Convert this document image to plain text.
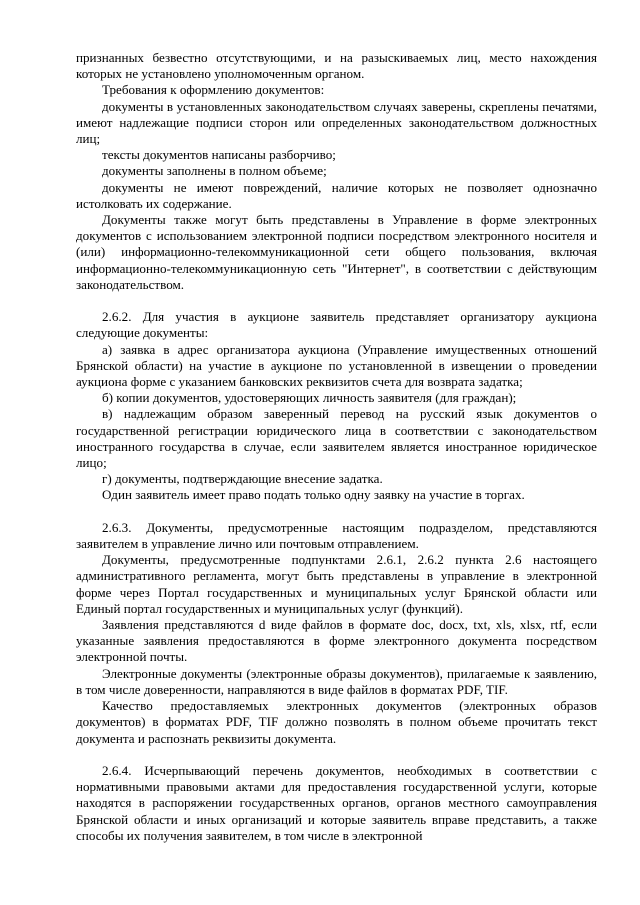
признанных безвестно отсутствующими, и на разыскиваемых лиц, место нахождения которых не установлено уполномоченным органом.

Требования к оформлению документов:

документы в установленных законодательством случаях заверены, скреплены печатями, имеют надлежащие подписи сторон или определенных законодательством должностных лиц;

тексты документов написаны разборчиво;

документы заполнены в полном объеме;

документы не имеют повреждений, наличие которых не позволяет однозначно истолковать их содержание.

Документы также могут быть представлены в Управление в форме электронных документов с использованием электронной подписи посредством электронного носителя и (или) информационно-телекоммуникационной сети общего пользования, включая информационно-телекоммуникационную сеть "Интернет", в соответствии с действующим законодательством.

2.6.2. Для участия в аукционе заявитель представляет организатору аукциона следующие документы:

а) заявка в адрес организатора аукциона (Управление имущественных отношений Брянской области) на участие в аукционе по установленной в извещении о проведении аукциона форме с указанием банковских реквизитов счета для возврата задатка;

б) копии документов, удостоверяющих личность заявителя (для граждан);

в) надлежащим образом заверенный перевод на русский язык документов о государственной регистрации юридического лица в соответствии с законодательством иностранного государства в случае, если заявителем является иностранное юридическое лицо;

г) документы, подтверждающие внесение задатка.

Один заявитель имеет право подать только одну заявку на участие в торгах.

2.6.3. Документы, предусмотренные настоящим подразделом, представляются заявителем в управление лично или почтовым отправлением.

Документы, предусмотренные подпунктами 2.6.1, 2.6.2 пункта 2.6 настоящего административного регламента, могут быть представлены в управление в электронной форме через Портал государственных и муниципальных услуг Брянской области или Единый портал государственных и муниципальных услуг (функций).

Заявления представляются d виде файлов в формате doc, docx, txt, xls, xlsx, rtf, если указанные заявления предоставляются в форме электронного документа посредством электронной почты.

Электронные документы (электронные образы документов), прилагаемые к заявлению, в том числе доверенности, направляются в виде файлов в форматах PDF, TIF.

Качество предоставляемых электронных документов (электронных образов документов) в форматах PDF, TIF должно позволять в полном объеме прочитать текст документа и распознать реквизиты документа.

2.6.4. Исчерпывающий перечень документов, необходимых в соответствии с нормативными правовыми актами для предоставления государственной услуги, которые находятся в распоряжении государственных органов, органов местного самоуправления Брянской области и иных организаций и которые заявитель вправе представить, а также способы их получения заявителем, в том числе в электронной
